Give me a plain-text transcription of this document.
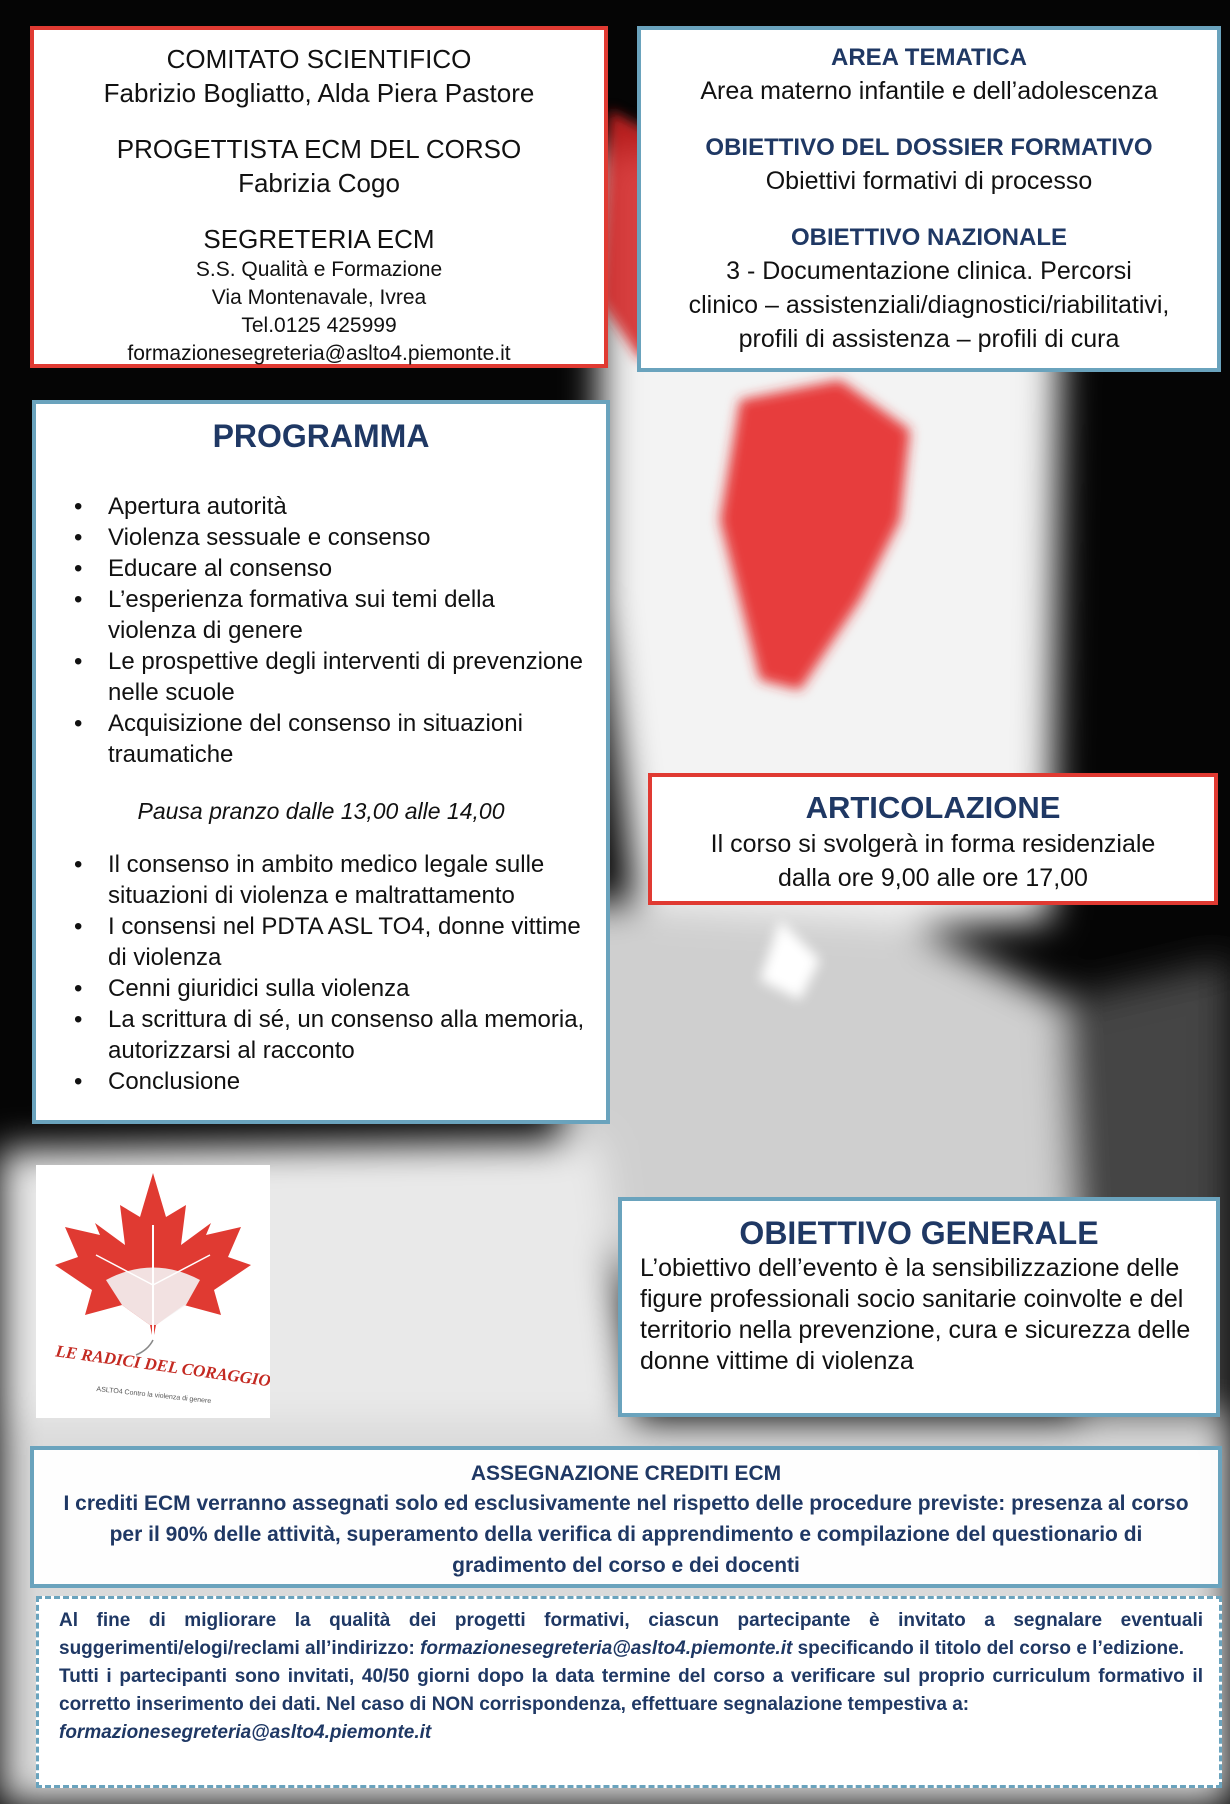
COMITATO SCIENTIFICO
Fabrizio Bogliatto, Alda Piera Pastore
PROGETTISTA ECM DEL CORSO
Fabrizia Cogo
SEGRETERIA ECM
S.S. Qualità e Formazione
Via Montenavale, Ivrea
Tel.0125 425999
formazionesegreteria@aslto4.piemonte.it
AREA TEMATICA
Area materno infantile e dell’adolescenza
OBIETTIVO DEL DOSSIER FORMATIVO
Obiettivi formativi di processo
OBIETTIVO NAZIONALE
3 - Documentazione clinica. Percorsi
clinico – assistenziali/diagnostici/riabilitativi,
profili di assistenza – profili di cura
PROGRAMMA
• Apertura autorità
• Violenza sessuale e consenso
• Educare al consenso
• L’esperienza formativa sui temi della violenza di genere
• Le prospettive degli interventi di prevenzione nelle scuole
• Acquisizione del consenso in situazioni traumatiche
Pausa pranzo dalle 13,00 alle 14,00
• Il consenso in ambito medico legale sulle situazioni di violenza e maltrattamento
• I consensi nel PDTA ASL TO4, donne vittime di violenza
• Cenni giuridici sulla violenza
• La scrittura di sé, un consenso alla memoria, autorizzarsi al racconto
• Conclusione
ARTICOLAZIONE
Il corso si svolgerà in forma residenziale
dalla ore 9,00 alle ore 17,00
LE RADICI DEL CORAGGIO
ASLTO4 Contro la violenza di genere
OBIETTIVO GENERALE
L’obiettivo dell’evento è la sensibilizzazione delle figure professionali socio sanitarie coinvolte e del territorio nella prevenzione, cura e sicurezza delle donne vittime di violenza
ASSEGNAZIONE CREDITI ECM
I crediti ECM verranno assegnati solo ed esclusivamente nel rispetto delle procedure previste: presenza al corso
per il 90% delle attività, superamento della verifica di apprendimento e compilazione del questionario di
gradimento del corso e dei docenti
Al fine di migliorare la qualità dei progetti formativi, ciascun partecipante è invitato a segnalare eventuali suggerimenti/elogi/reclami all’indirizzo: formazionesegreteria@aslto4.piemonte.it specificando il titolo del corso e l’edizione.
Tutti i partecipanti sono invitati, 40/50 giorni dopo la data termine del corso a verificare sul proprio curriculum formativo il corretto inserimento dei dati. Nel caso di NON corrispondenza, effettuare segnalazione tempestiva a:
formazionesegreteria@aslto4.piemonte.it
